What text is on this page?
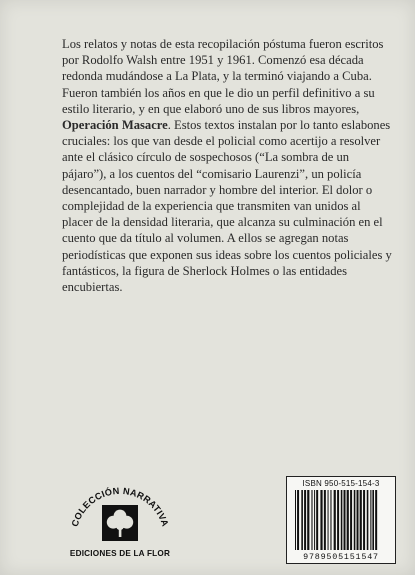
Los relatos y notas de esta recopilación póstuma fueron escritos por Rodolfo Walsh entre 1951 y 1961. Comenzó esa década redonda mudándose a La Plata, y la terminó viajando a Cuba. Fueron también los años en que le dio un perfil definitivo a su estilo literario, y en que elaboró uno de sus libros mayores, Operación Masacre. Estos textos instalan por lo tanto eslabones cruciales: los que van desde el policial como acertijo a resolver ante el clásico círculo de sospechosos (“La sombra de un pájaro”), a los cuentos del “comisario Laurenzi”, un policía desencantado, buen narrador y hombre del interior. El dolor o complejidad de la experiencia que transmiten van unidos al placer de la densidad literaria, que alcanza su culminación en el cuento que da título al volumen. A ellos se agregan notas periodísticas que exponen sus ideas sobre los cuentos policiales y fantásticos, la figura de Sherlock Holmes o las entidades encubiertas.

COLECCIÓN NARRATIVA
EDICIONES DE LA FLOR
ISBN 950-515-154-3
9789505151547
